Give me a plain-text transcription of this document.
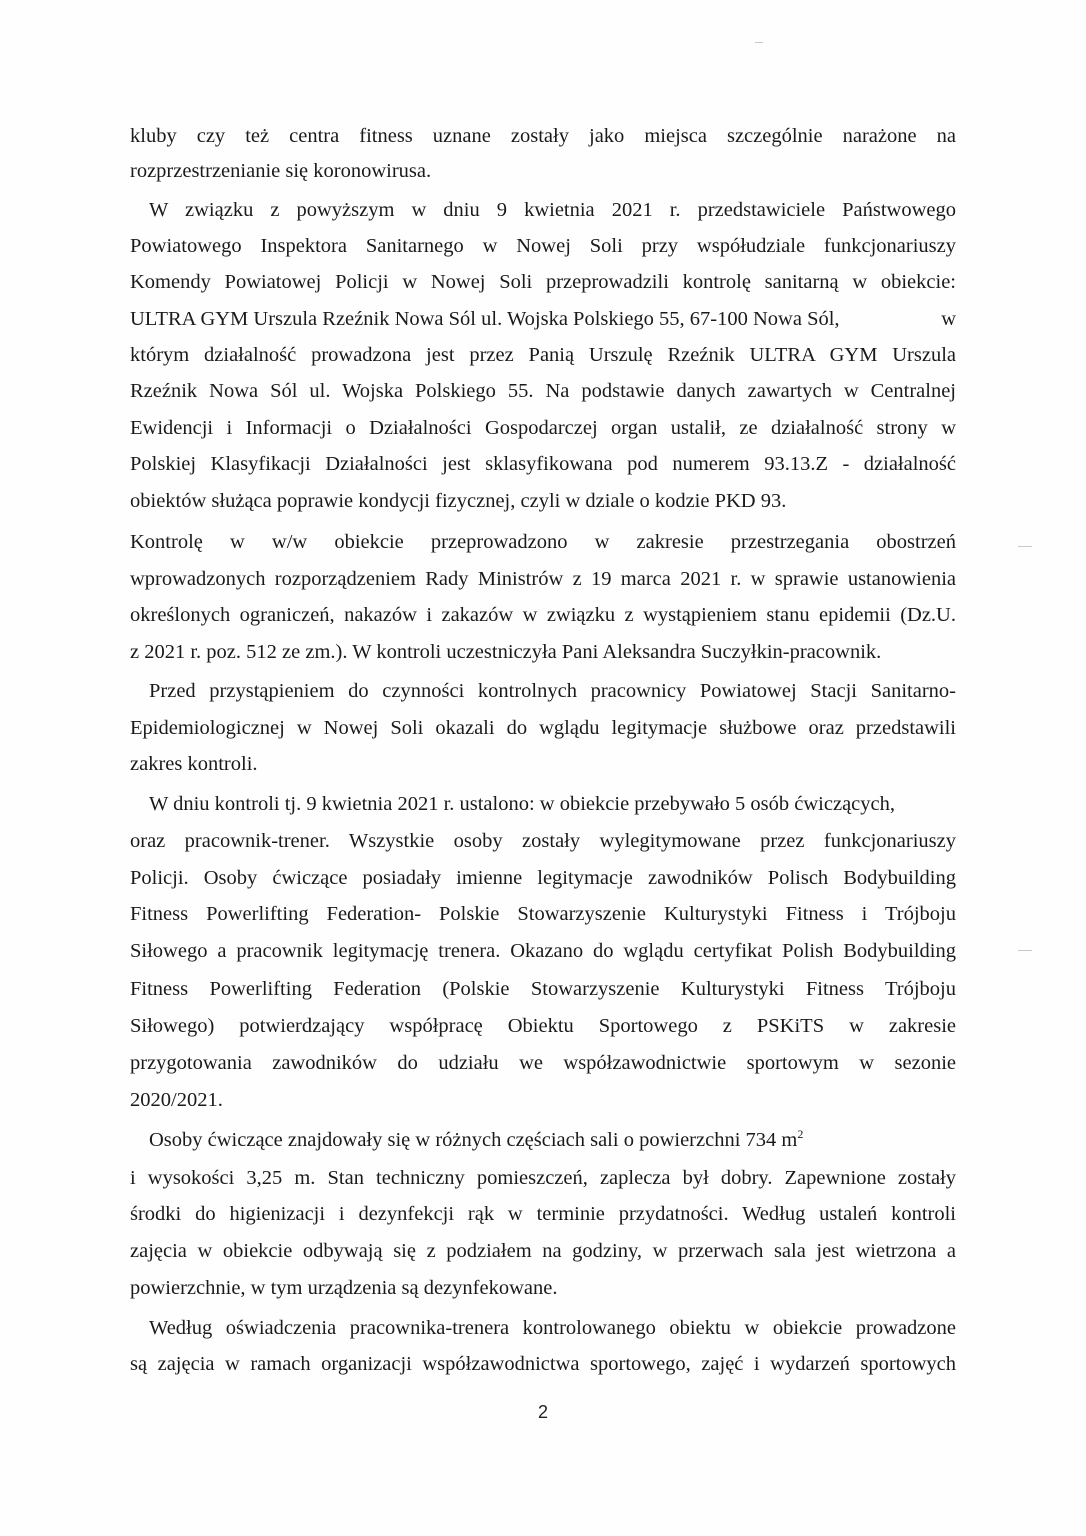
kluby czy też centra fitness uznane zostały jako miejsca szczególnie narażone na
rozprzestrzenianie się koronowirusa.
W związku z powyższym w dniu 9 kwietnia 2021 r. przedstawiciele Państwowego
Powiatowego Inspektora Sanitarnego w Nowej Soli przy współudziale funkcjonariuszy
Komendy Powiatowej Policji w Nowej Soli przeprowadzili kontrolę sanitarną w obiekcie:
ULTRA GYM Urszula Rzeźnik Nowa Sól ul. Wojska Polskiego 55, 67-100 Nowa Sól,	w
którym działalność prowadzona jest przez Panią Urszulę Rzeźnik ULTRA GYM Urszula
Rzeźnik Nowa Sól ul. Wojska Polskiego 55. Na podstawie danych zawartych w Centralnej
Ewidencji i Informacji o Działalności Gospodarczej organ ustalił, ze działalność strony w
Polskiej Klasyfikacji Działalności jest sklasyfikowana pod numerem 93.13.Z - działalność
obiektów służąca poprawie kondycji fizycznej, czyli w dziale o kodzie PKD 93.
Kontrolę w w/w obiekcie przeprowadzono w zakresie przestrzegania obostrzeń
wprowadzonych rozporządzeniem Rady Ministrów z 19 marca 2021 r. w sprawie ustanowienia
określonych ograniczeń, nakazów i zakazów w związku z wystąpieniem stanu epidemii (Dz.U.
z 2021 r. poz. 512 ze zm.). W kontroli uczestniczyła Pani Aleksandra Suczyłkin-pracownik.
Przed przystąpieniem do czynności kontrolnych pracownicy Powiatowej Stacji Sanitarno-
Epidemiologicznej w Nowej Soli okazali do wglądu legitymacje służbowe oraz przedstawili
zakres kontroli.
W dniu kontroli tj. 9 kwietnia 2021 r. ustalono: w obiekcie przebywało 5 osób ćwiczących,
oraz pracownik-trener. Wszystkie osoby zostały wylegitymowane przez funkcjonariuszy
Policji. Osoby ćwiczące posiadały imienne legitymacje zawodników Polisch Bodybuilding
Fitness Powerlifting Federation- Polskie Stowarzyszenie Kulturystyki Fitness i Trójboju
Siłowego a pracownik legitymację trenera. Okazano do wglądu certyfikat Polish Bodybuilding
Fitness Powerlifting Federation (Polskie Stowarzyszenie Kulturystyki Fitness Trójboju
Siłowego) potwierdzający współpracę Obiektu Sportowego z PSKiTS w zakresie
przygotowania zawodników do udziału we współzawodnictwie sportowym w sezonie
2020/2021.
Osoby ćwiczące znajdowały się w różnych częściach sali o powierzchni 734 $m^2$
i wysokości 3,25 m. Stan techniczny pomieszczeń, zaplecza był dobry. Zapewnione zostały
środki do higienizacji i dezynfekcji rąk w terminie przydatności. Według ustaleń kontroli
zajęcia w obiekcie odbywają się z podziałem na godziny, w przerwach sala jest wietrzona a
powierzchnie, w tym urządzenia są dezynfekowane.
Według oświadczenia pracownika-trenera kontrolowanego obiektu w obiekcie prowadzone
są zajęcia w ramach organizacji współzawodnictwa sportowego, zajęć i wydarzeń sportowych
2
